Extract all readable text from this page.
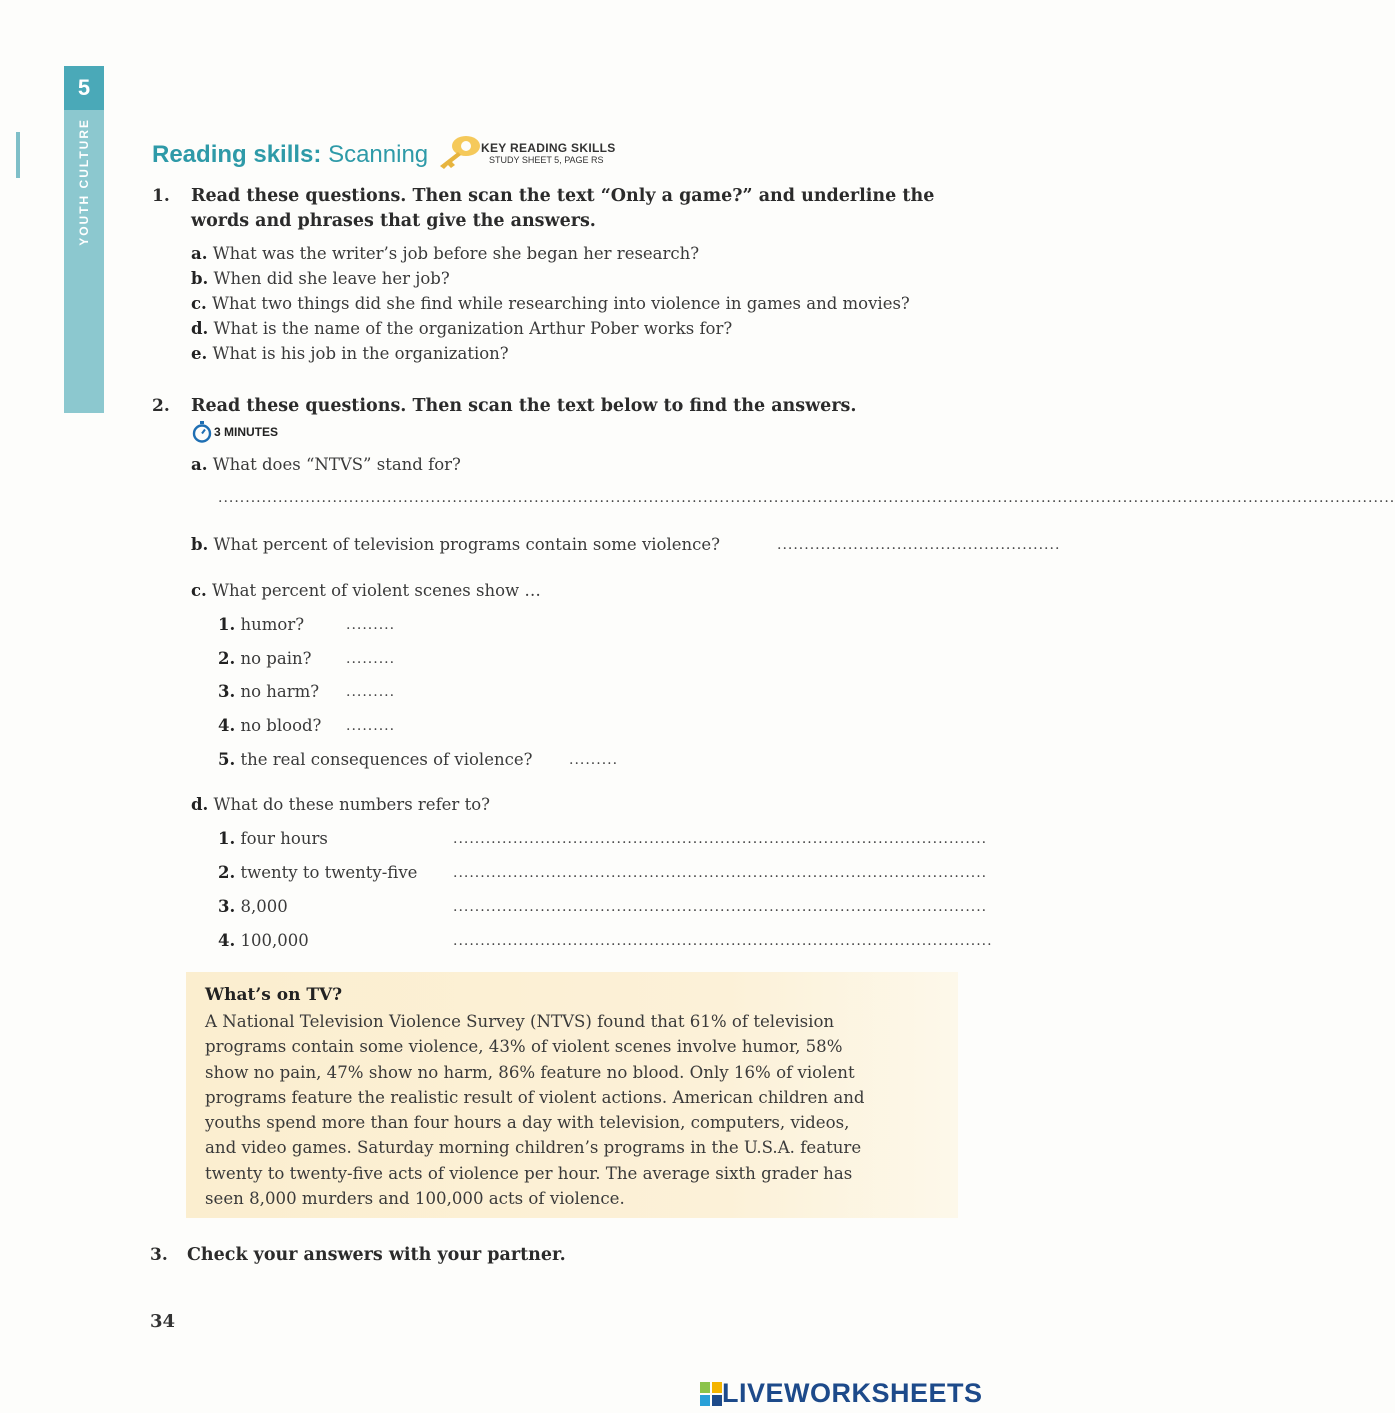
5
YOUTH CULTURE	Reading skills: Scanning	KEY READING SKILLS
STUDY SHEET 5, PAGE RS
1. Read these questions. Then scan the text “Only a game?” and underline the
words and phrases that give the answers.
a. What was the writer’s job before she began her research?
b. When did she leave her job?
c. What two things did she find while researching into violence in games and movies?
d. What is the name of the organization Arthur Pober works for?
e. What is his job in the organization?
2. Read these questions. Then scan the text below to find the answers.
3 MINUTES
a. What does “NTVS” stand for?
........................................................................................................................................................................................................................
b. What percent of television programs contain some violence?	....................................................
c. What percent of violent scenes show …
1. humor?	.........
2. no pain? .........
3. no harm? .........
4. no blood? .........
5. the real consequences of violence?	.........
d. What do these numbers refer to?
1. four hours	..................................................................................................
2. twenty to twenty-five	..................................................................................................
3. 8,000	..................................................................................................
4. 100,000	...................................................................................................
What’s on TV?
A National Television Violence Survey (NTVS) found that 61% of television
programs contain some violence, 43% of violent scenes involve humor, 58%
show no pain, 47% show no harm, 86% feature no blood. Only 16% of violent
programs feature the realistic result of violent actions. American children and
youths spend more than four hours a day with television, computers, videos,
and video games. Saturday morning children’s programs in the U.S.A. feature
twenty to twenty-five acts of violence per hour. The average sixth grader has
seen 8,000 murders and 100,000 acts of violence.
3. Check your answers with your partner.
34
LIVEWORKSHEETS
